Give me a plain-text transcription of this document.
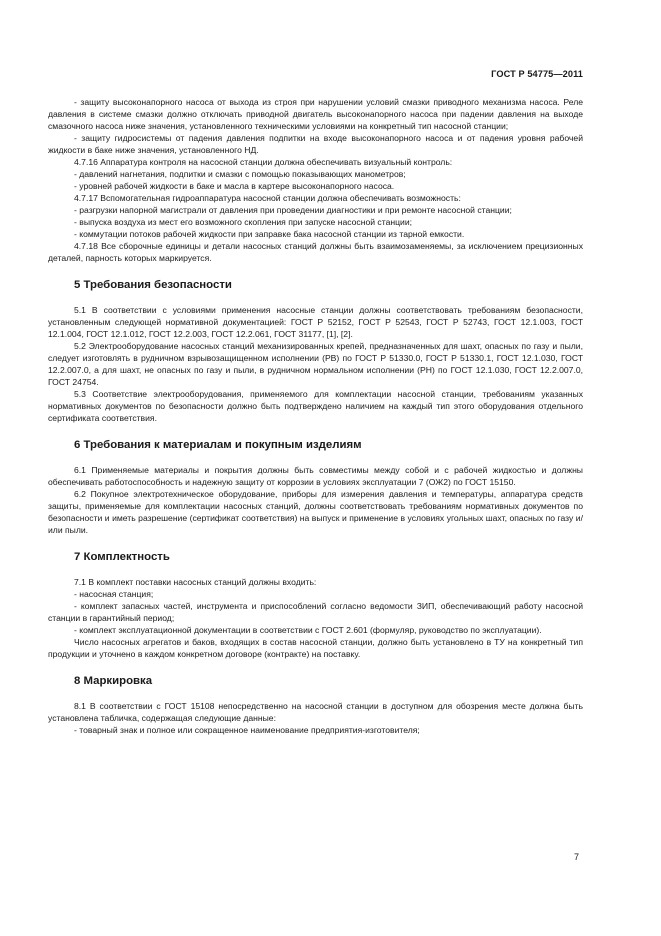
ГОСТ Р 54775—2011
- защиту высоконапорного насоса от выхода из строя при нарушении условий смазки приводного механизма насоса. Реле давления в системе смазки должно отключать приводной двигатель высоконапорного насоса при падении давления на выходе смазочного насоса ниже значения, установленного техническими условиями на конкретный тип насосной станции;
- защиту гидросистемы от падения давления подпитки на входе высоконапорного насоса и от падения уровня рабочей жидкости в баке ниже значения, установленного НД.
4.7.16 Аппаратура контроля на насосной станции должна обеспечивать визуальный контроль:
- давлений нагнетания, подпитки и смазки с помощью показывающих манометров;
- уровней рабочей жидкости в баке и масла в картере высоконапорного насоса.
4.7.17 Вспомогательная гидроаппаратура насосной станции должна обеспечивать возможность:
- разгрузки напорной магистрали от давления при проведении диагностики и при ремонте насосной станции;
- выпуска воздуха из мест его возможного скопления при запуске насосной станции;
- коммутации потоков рабочей жидкости при заправке бака насосной станции из тарной емкости.
4.7.18 Все сборочные единицы и детали насосных станций должны быть взаимозаменяемы, за исключением прецизионных деталей, парность которых маркируется.
5 Требования безопасности
5.1 В соответствии с условиями применения насосные станции должны соответствовать требованиям безопасности, установленным следующей нормативной документацией: ГОСТ Р 52152, ГОСТ Р 52543, ГОСТ Р 52743, ГОСТ 12.1.003, ГОСТ 12.1.004, ГОСТ 12.1.012, ГОСТ 12.2.003, ГОСТ 12.2.061, ГОСТ 31177, [1], [2].
5.2 Электрооборудование насосных станций механизированных крепей, предназначенных для шахт, опасных по газу и пыли, следует изготовлять в рудничном взрывозащищенном исполнении (РВ) по ГОСТ Р 51330.0, ГОСТ Р 51330.1, ГОСТ 12.1.030, ГОСТ 12.2.007.0, а для шахт, не опасных по газу и пыли, в рудничном нормальном исполнении (РН) по ГОСТ 12.1.030, ГОСТ 12.2.007.0, ГОСТ 24754.
5.3 Соответствие электрооборудования, применяемого для комплектации насосной станции, требованиям указанных нормативных документов по безопасности должно быть подтверждено наличием на каждый тип этого оборудования отдельного сертификата соответствия.
6 Требования к материалам и покупным изделиям
6.1 Применяемые материалы и покрытия должны быть совместимы между собой и с рабочей жидкостью и должны обеспечивать работоспособность и надежную защиту от коррозии в условиях эксплуатации 7 (ОЖ2) по ГОСТ 15150.
6.2 Покупное электротехническое оборудование, приборы для измерения давления и температуры, аппаратура средств защиты, применяемые для комплектации насосных станций, должны соответствовать требованиям нормативных документов по безопасности и иметь разрешение (сертификат соответствия) на выпуск и применение в условиях угольных шахт, опасных по газу и/или пыли.
7 Комплектность
7.1 В комплект поставки насосных станций должны входить:
- насосная станция;
- комплект запасных частей, инструмента и приспособлений согласно ведомости ЗИП, обеспечивающий работу насосной станции в гарантийный период;
- комплект эксплуатационной документации в соответствии с ГОСТ 2.601 (формуляр, руководство по эксплуатации).
Число насосных агрегатов и баков, входящих в состав насосной станции, должно быть установлено в ТУ на конкретный тип продукции и уточнено в каждом конкретном договоре (контракте) на поставку.
8 Маркировка
8.1 В соответствии с ГОСТ 15108 непосредственно на насосной станции в доступном для обозрения месте должна быть установлена табличка, содержащая следующие данные:
- товарный знак и полное или сокращенное наименование предприятия-изготовителя;
7
